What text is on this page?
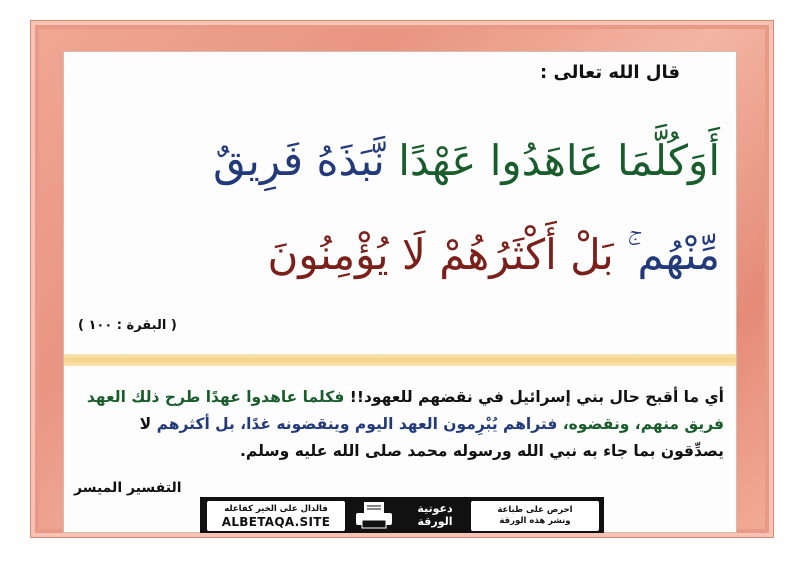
قال الله تعالى :
أَوَكُلَّمَا عَاهَدُوا عَهْدًا نَّبَذَهُ فَرِيقٌ
مِّنْهُم ۚ بَلْ أَكْثَرُهُمْ لَا يُؤْمِنُونَ
( البقرة : ١٠٠ )
أي ما أقبح حال بني إسرائيل في نقضهم للعهود!! فكلما عاهدوا عهدًا طرح ذلك العهد فريق منهم، ونقضوه، فتراهم يُبْرِمون العهد اليوم وينقضونه غدًا، بل أكثرهم لا يصدِّقون بما جاء به نبي الله ورسوله محمد صلى الله عليه وسلم.
التفسير الميسر
فالدال على الخير كفاعله
ALBETAQA.SITE
دعوتية الورقة
احرص على طباعة
ونشر هذه الورقة
